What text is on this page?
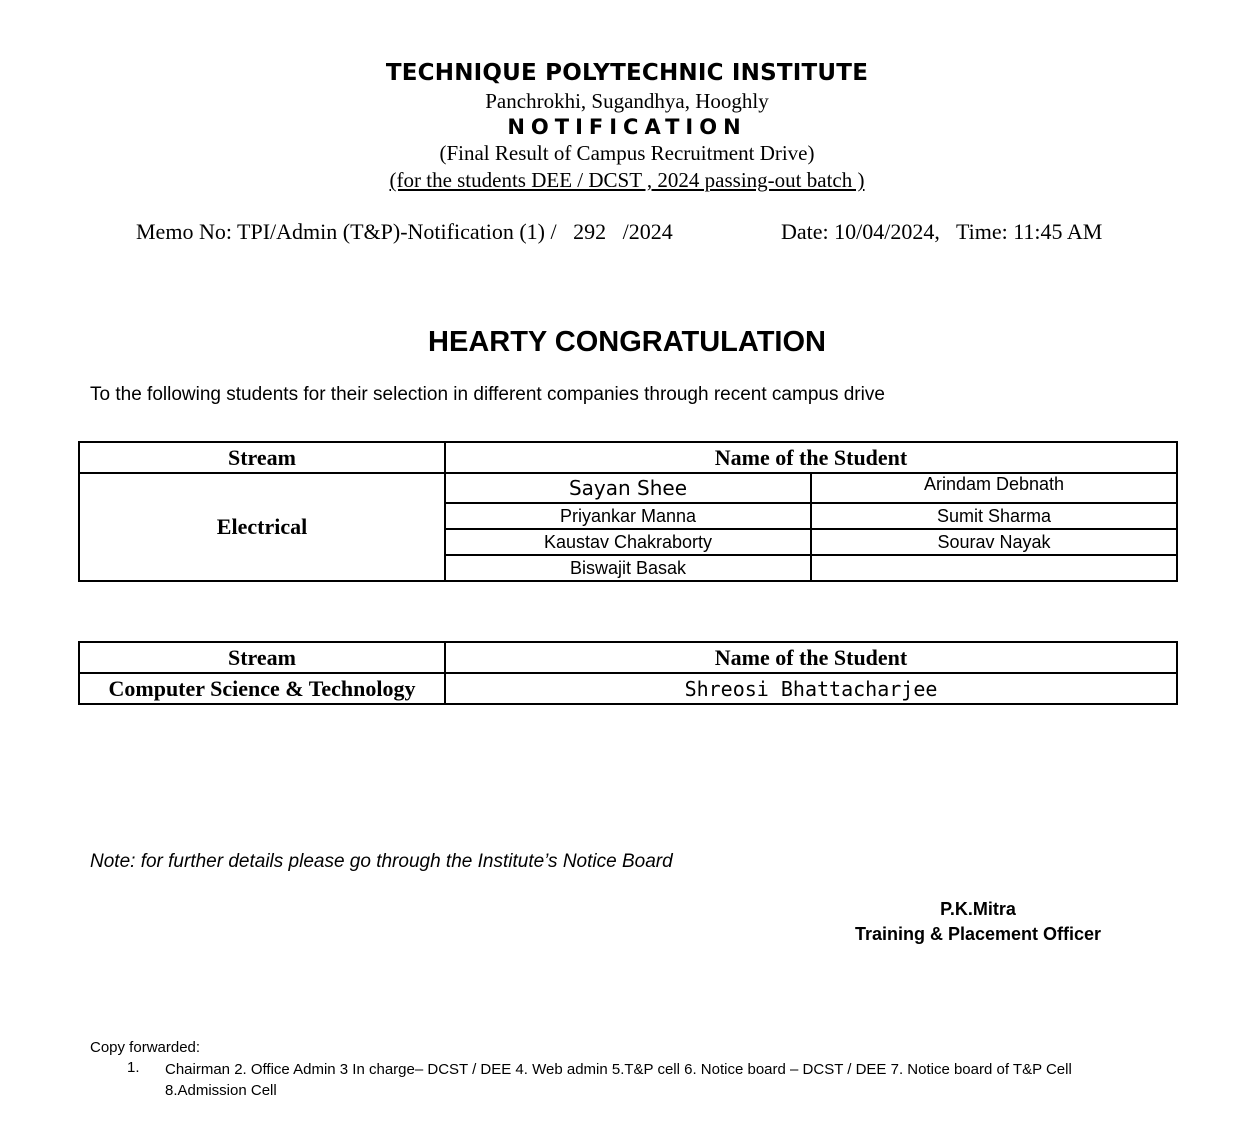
TECHNIQUE POLYTECHNIC INSTITUTE
Panchrokhi, Sugandhya, Hooghly
NOTIFICATION
(Final Result of Campus Recruitment Drive)
(for the students DEE / DCST , 2024 passing-out batch )
Memo No: TPI/Admin (T&P)-Notification (1) /   292   /2024	Date: 10/04/2024,   Time: 11:45 AM
HEARTY CONGRATULATION
To the following students for their selection in different companies through recent campus drive
Stream	Name of the Student	
Electrical	Sayan Shee	Arindam Debnath
	Priyankar Manna	Sumit Sharma
	Kaustav Chakraborty	Sourav Nayak
	Biswajit Basak	
Stream	Name of the Student
Computer Science & Technology	Shreosi Bhattacharjee
Note: for further details please go through the Institute’s Notice Board
P.K.Mitra
Training & Placement Officer
Copy forwarded:
1. Chairman 2. Office Admin 3 In charge– DCST / DEE 4. Web admin 5.T&P cell 6. Notice board – DCST / DEE 7. Notice board of T&P Cell 8.Admission Cell
